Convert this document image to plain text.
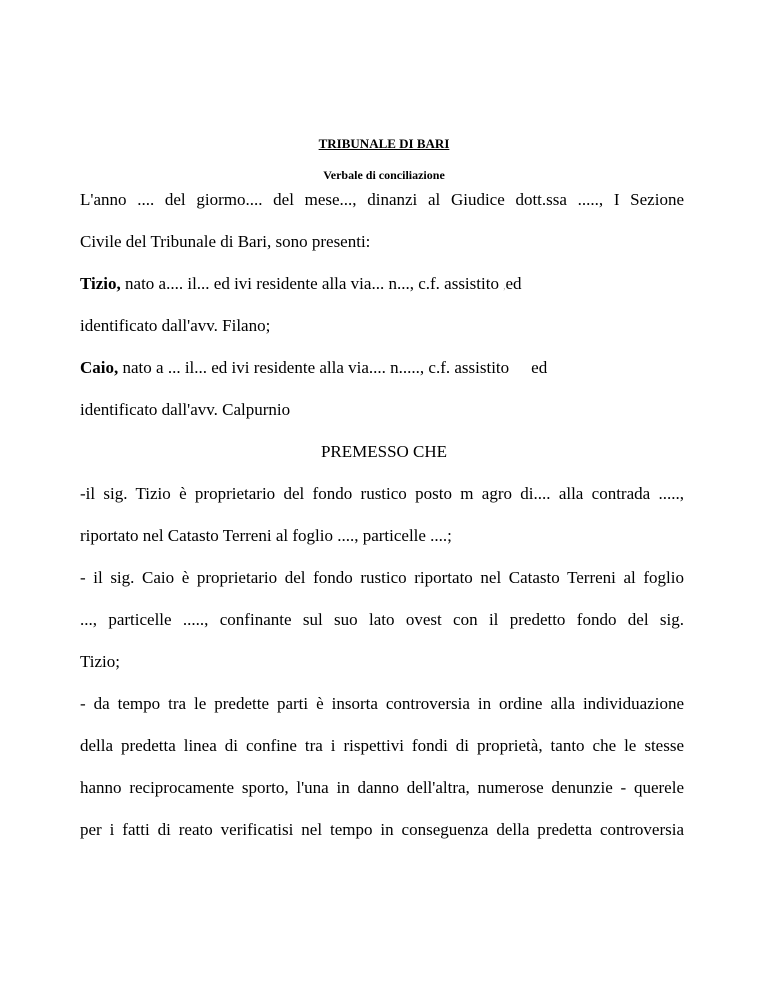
TRIBUNALE DI BARI
Verbale di conciliazione
L'anno .... del giormo.... del mese..., dinanzi al Giudice dott.ssa ....., I Sezione
Civile del Tribunale di Bari, sono presenti:
Tizio, nato a.... il... ed ivi residente alla via... n..., c.f. assistito ,ed
identificato dall'avv. Filano;
Caio, nato a ... il... ed ivi residente alla via.... n....., c.f. assistito ed
identificato dall'avv. Calpurnio
PREMESSO CHE
-il sig. Tizio è proprietario del fondo rustico posto m agro di.... alla contrada .....,
riportato nel Catasto Terreni al foglio ...., particelle ....;
- il sig. Caio è proprietario del fondo rustico riportato nel Catasto Terreni al foglio
..., particelle ....., confinante sul suo lato ovest con il predetto fondo del sig.
Tizio;
- da tempo tra le predette parti è insorta controversia in ordine alla individuazione
della predetta linea di confine tra i rispettivi fondi di proprietà, tanto che le stesse
hanno reciprocamente sporto, l'una in danno dell'altra, numerose denunzie - querele
per i fatti di reato verificatisi nel tempo in conseguenza della predetta controversia
